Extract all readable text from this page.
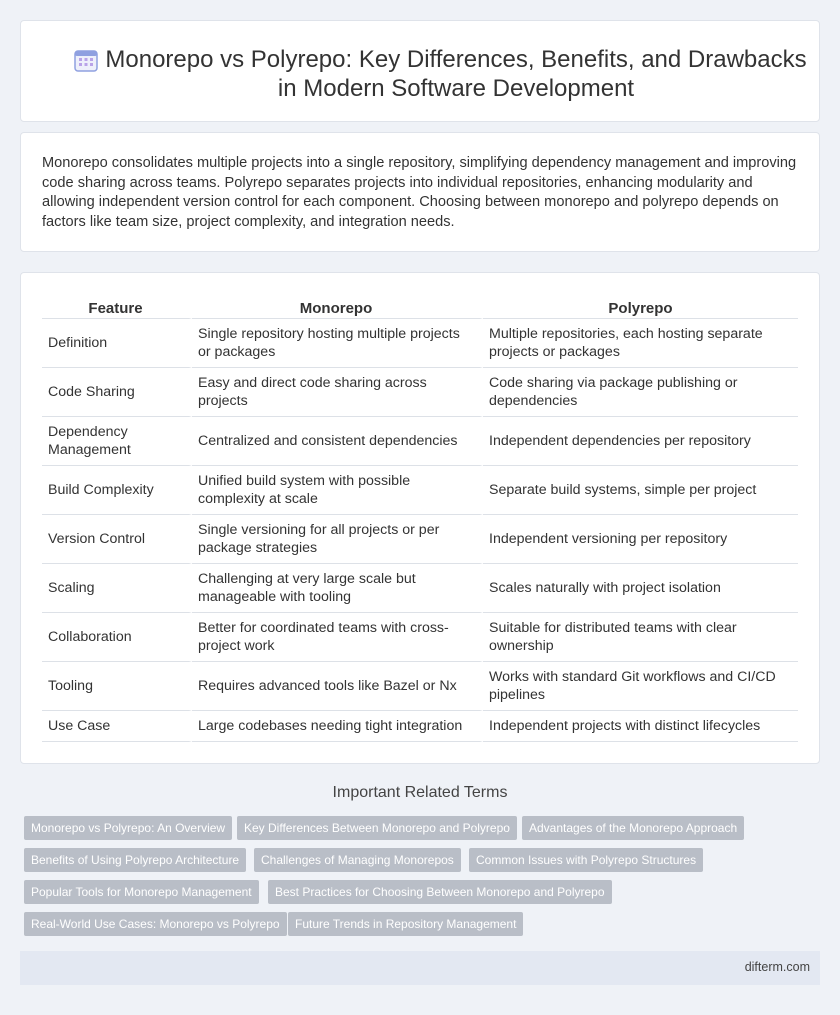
Monorepo vs Polyrepo: Key Differences, Benefits, and Drawbacks in Modern Software Development

Monorepo consolidates multiple projects into a single repository, simplifying dependency management and improving code sharing across teams. Polyrepo separates projects into individual repositories, enhancing modularity and allowing independent version control for each component. Choosing between monorepo and polyrepo depends on factors like team size, project complexity, and integration needs.

Feature	Monorepo	Polyrepo
Definition	Single repository hosting multiple projects or packages	Multiple repositories, each hosting separate projects or packages
Code Sharing	Easy and direct code sharing across projects	Code sharing via package publishing or dependencies
Dependency Management	Centralized and consistent dependencies	Independent dependencies per repository
Build Complexity	Unified build system with possible complexity at scale	Separate build systems, simple per project
Version Control	Single versioning for all projects or per package strategies	Independent versioning per repository
Scaling	Challenging at very large scale but manageable with tooling	Scales naturally with project isolation
Collaboration	Better for coordinated teams with cross-project work	Suitable for distributed teams with clear ownership
Tooling	Requires advanced tools like Bazel or Nx	Works with standard Git workflows and CI/CD pipelines
Use Case	Large codebases needing tight integration	Independent projects with distinct lifecycles
Important Related Terms
Monorepo vs Polyrepo: An Overview	Key Differences Between Monorepo and Polyrepo	Advantages of the Monorepo Approach
Benefits of Using Polyrepo Architecture	Challenges of Managing Monorepos	Common Issues with Polyrepo Structures
Popular Tools for Monorepo Management	Best Practices for Choosing Between Monorepo and Polyrepo
Real-World Use Cases: Monorepo vs Polyrepo	Future Trends in Repository Management
difterm.com
